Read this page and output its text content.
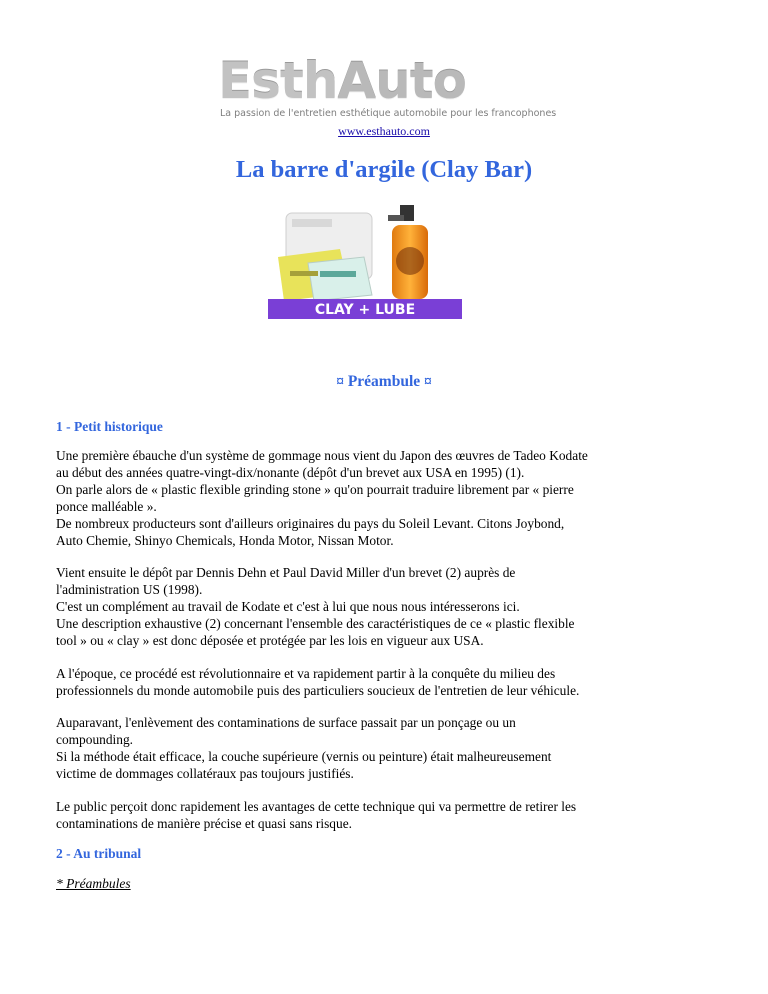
EsthAuto
La passion de l'entretien esthétique automobile pour les francophones
www.esthauto.com
La barre d'argile (Clay Bar)
CLAY + LUBE
¤ Préambule ¤
1 - Petit historique

Une première ébauche d'un système de gommage nous vient du Japon des œuvres de Tadeo Kodate
au début des années quatre-vingt-dix/nonante (dépôt d'un brevet aux USA en 1995) (1).
On parle alors de « plastic flexible grinding stone » qu'on pourrait traduire librement par « pierre
ponce malléable ».
De nombreux producteurs sont d'ailleurs originaires du pays du Soleil Levant. Citons Joybond,
Auto Chemie, Shinyo Chemicals, Honda Motor, Nissan Motor.

Vient ensuite le dépôt par Dennis Dehn et Paul David Miller d'un brevet (2) auprès de
l'administration US (1998).
C'est un complément au travail de Kodate et c'est à lui que nous nous intéresserons ici.
Une description exhaustive (2) concernant l'ensemble des caractéristiques de ce « plastic flexible
tool » ou « clay » est donc déposée et protégée par les lois en vigueur aux USA.

A l'époque, ce procédé est révolutionnaire et va rapidement partir à la conquête du milieu des
professionnels du monde automobile puis des particuliers soucieux de l'entretien de leur véhicule.

Auparavant, l'enlèvement des contaminations de surface passait par un ponçage ou un
compounding.
Si la méthode était efficace, la couche supérieure (vernis ou peinture) était malheureusement
victime de dommages collatéraux pas toujours justifiés.

Le public perçoit donc rapidement les avantages de cette technique qui va permettre de retirer les
contaminations de manière précise et quasi sans risque.

2 - Au tribunal

* Préambules
